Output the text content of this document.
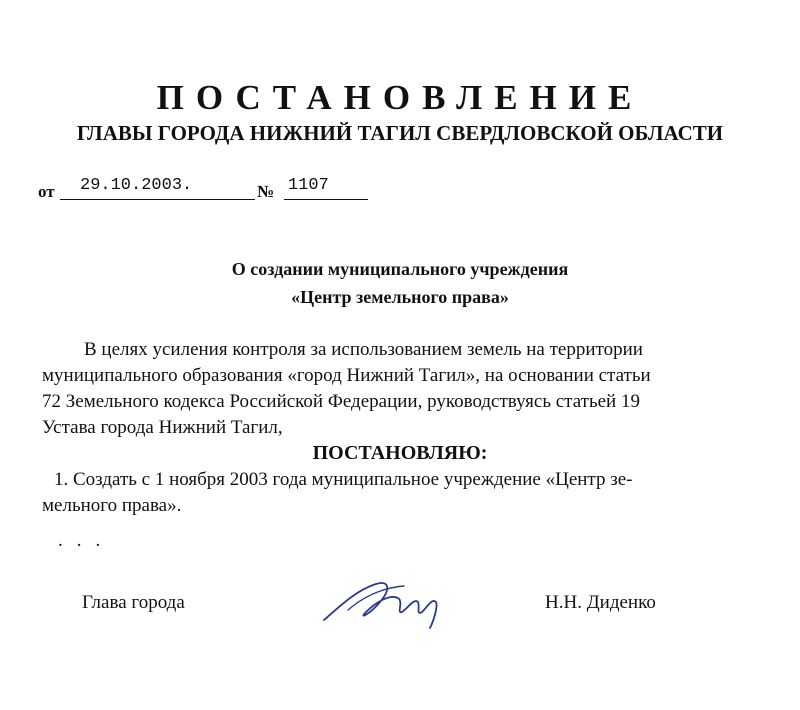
ПОСТАНОВЛЕНИЕ
ГЛАВЫ ГОРОДА НИЖНИЙ ТАГИЛ СВЕРДЛОВСКОЙ ОБЛАСТИ
от 29.10.2003.	№ 1107
О создании муниципального учреждения
«Центр земельного права»
В целях усиления контроля за использованием земель на территории
муниципального образования «город Нижний Тагил», на основании статьи
72 Земельного кодекса Российской Федерации, руководствуясь статьей 19
Устава города Нижний Тагил,
ПОСТАНОВЛЯЮ:
1. Создать с 1 ноября 2003 года муниципальное учреждение «Центр зе-
мельного права».
...
Глава города	Н.Н. Диденко
